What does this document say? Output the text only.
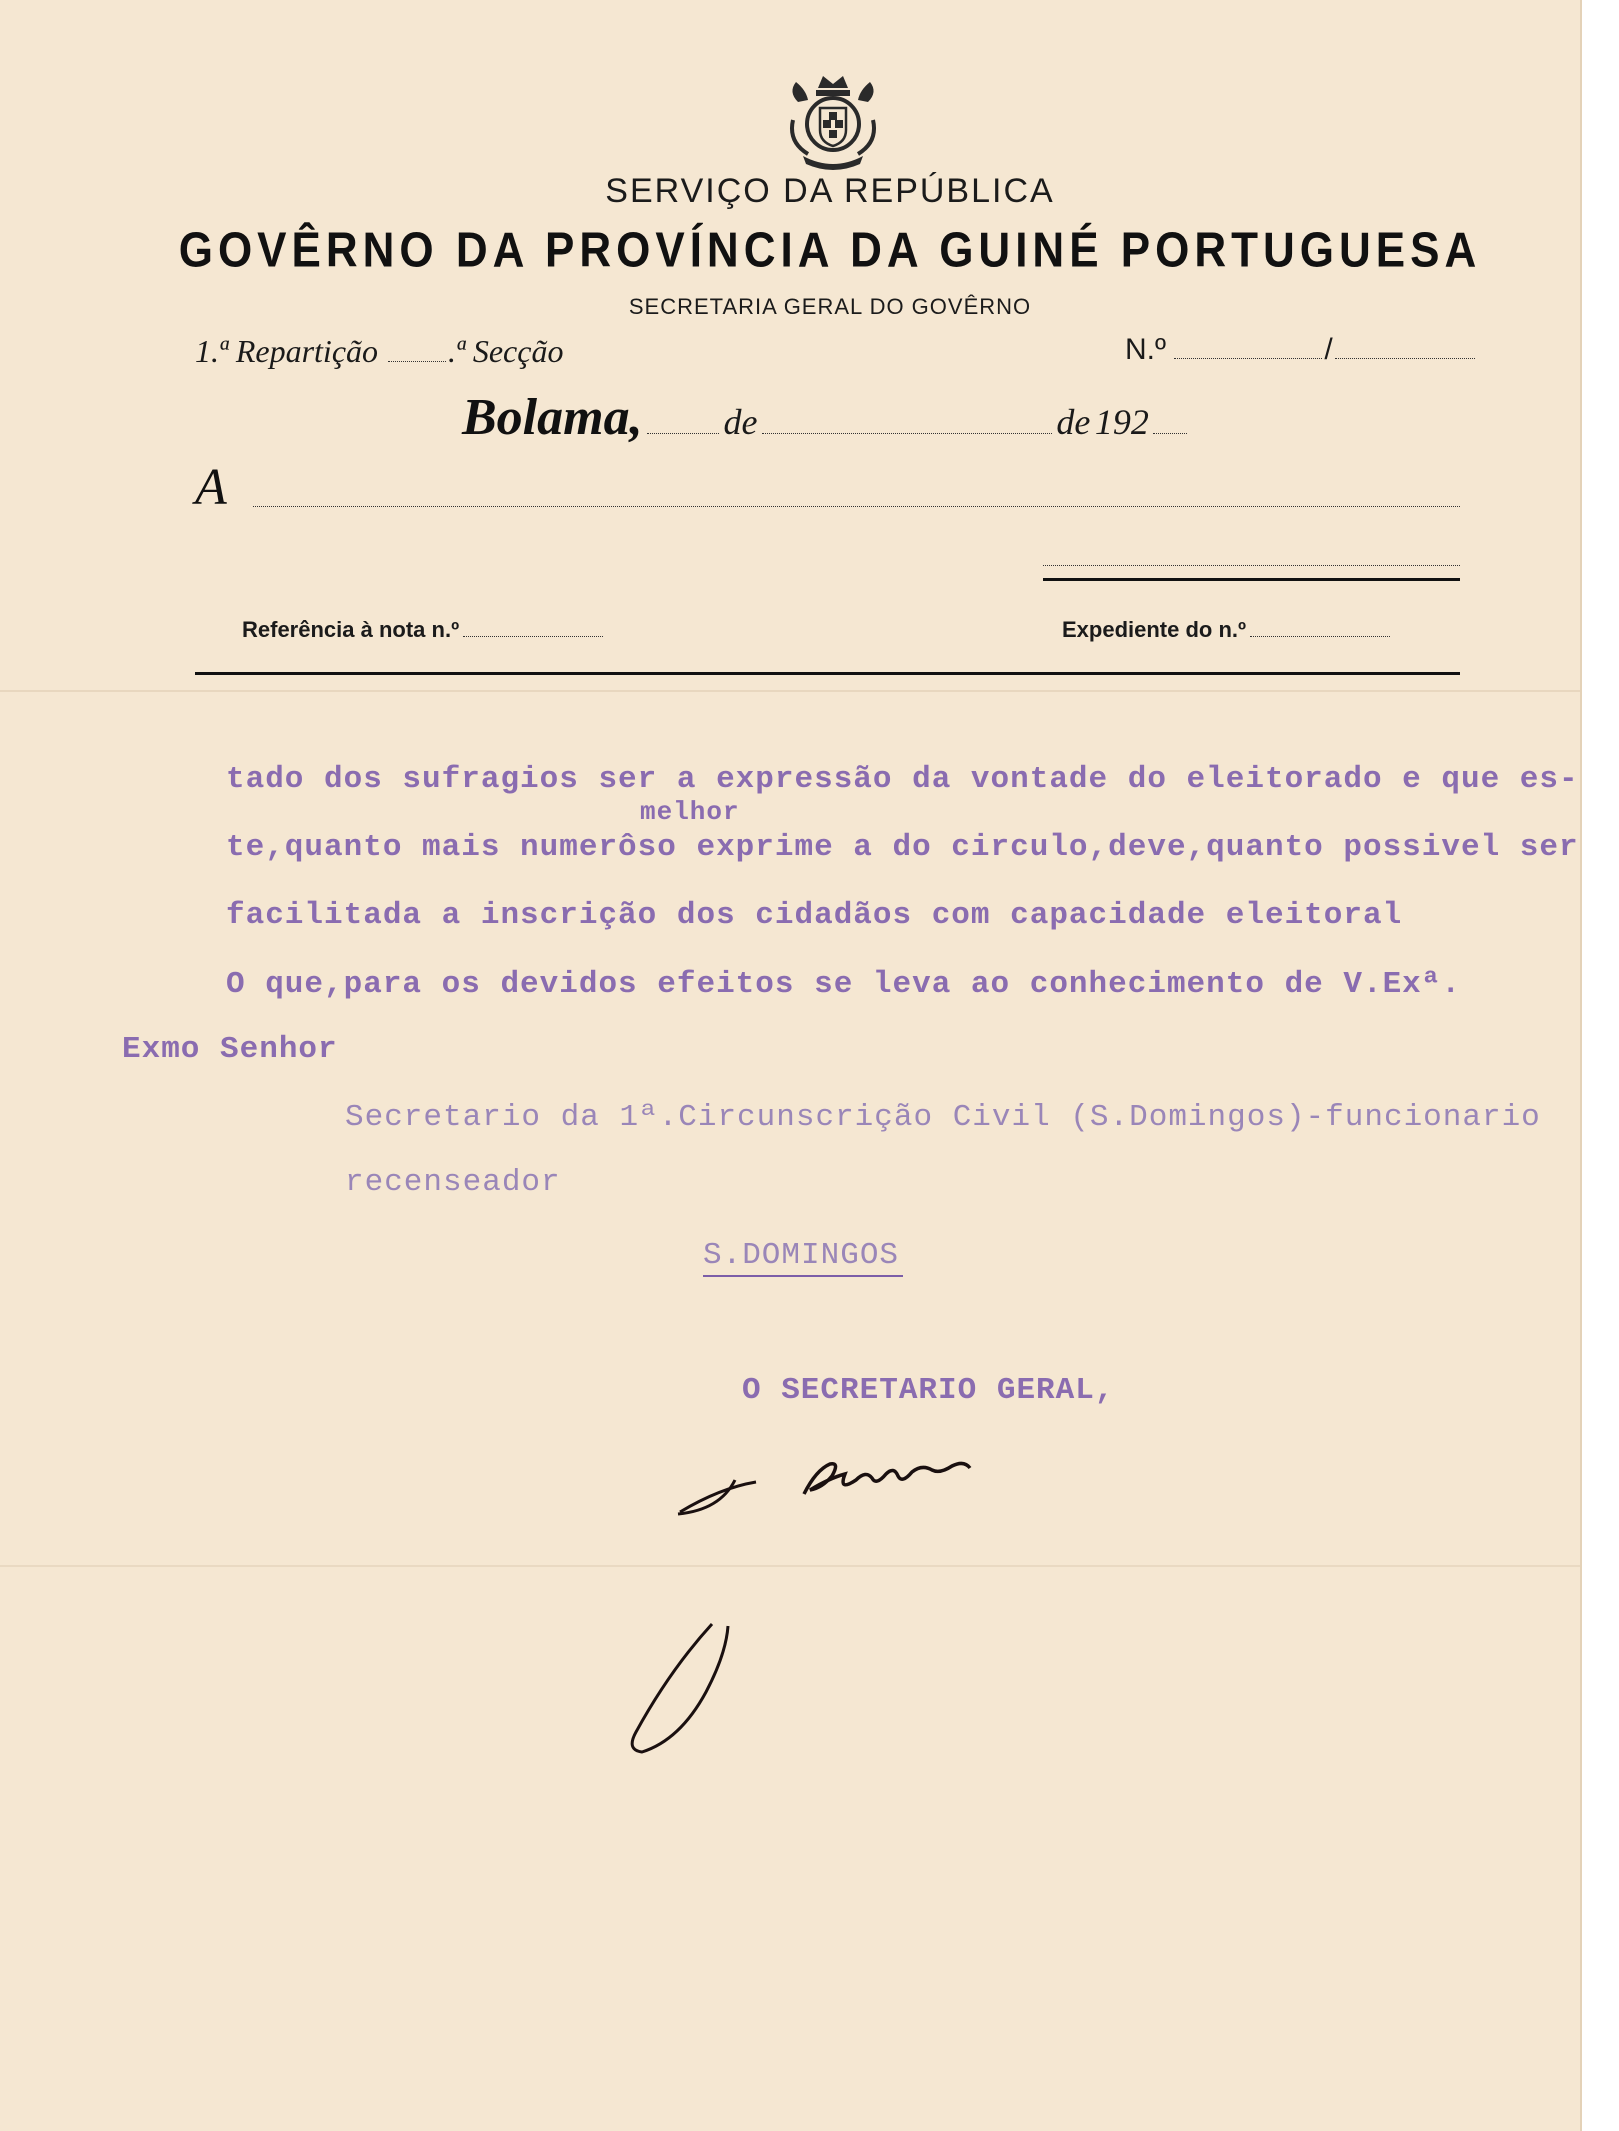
SERVIÇO DA REPÚBLICA
GOVÊRNO DA PROVÍNCIA DA GUINÉ PORTUGUESA
SECRETARIA GERAL DO GOVÊRNO
1.ª Repartição .ª Secção	N.º	/
Bolama, de	de 192
A
Referência à nota n.º	Expediente do n.º
tado dos sufragios ser a expressão da vontade do eleitorado e que es-
melhor
te,quanto mais numerôso exprime a do circulo,deve,quanto possivel ser
facilitada a inscrição dos cidadãos com capacidade eleitoral
O que,para os devidos efeitos se leva ao conhecimento de V.Exª.
Exmo Senhor
Secretario da 1ª.Circunscrição Civil (S.Domingos)-funcionario
recenseador
S.DOMINGOS
O SECRETARIO GERAL,
